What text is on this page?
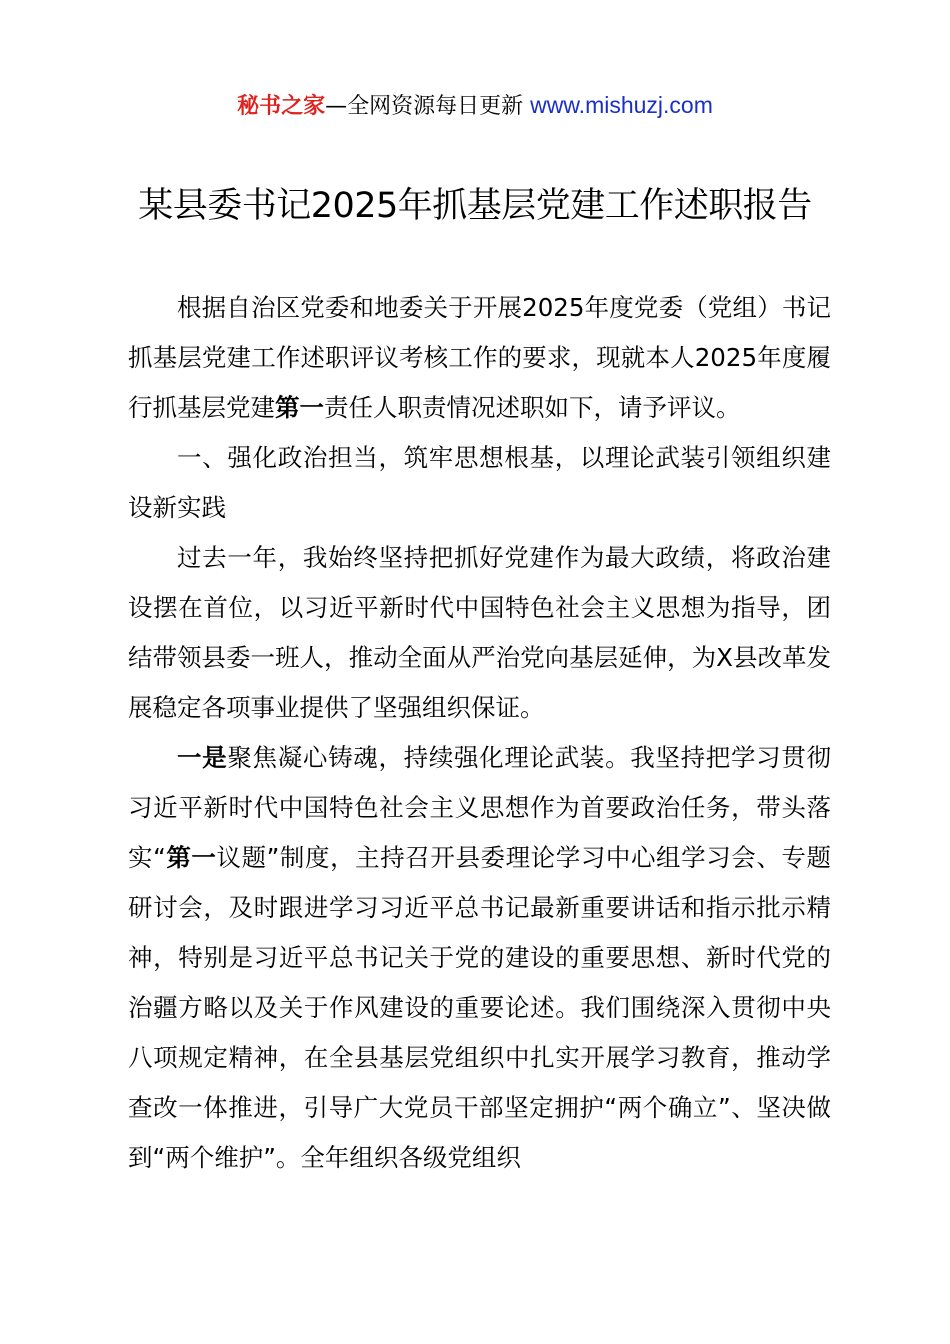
秘书之家—全网资源每日更新 www.mishuzj.com
某县委书记2025年抓基层党建工作述职报告

根据自治区党委和地委关于开展2025年度党委（党组）书记抓基层党建工作述职评议考核工作的要求，现就本人2025年度履行抓基层党建第一责任人职责情况述职如下，请予评议。

一、强化政治担当，筑牢思想根基，以理论武装引领组织建设新实践

过去一年，我始终坚持把抓好党建作为最大政绩，将政治建设摆在首位，以习近平新时代中国特色社会主义思想为指导，团结带领县委一班人，推动全面从严治党向基层延伸，为X县改革发展稳定各项事业提供了坚强组织保证。

一是聚焦凝心铸魂，持续强化理论武装。我坚持把学习贯彻习近平新时代中国特色社会主义思想作为首要政治任务，带头落实“第一议题”制度，主持召开县委理论学习中心组学习会、专题研讨会，及时跟进学习习近平总书记最新重要讲话和指示批示精神，特别是习近平总书记关于党的建设的重要思想、新时代党的治疆方略以及关于作风建设的重要论述。我们围绕深入贯彻中央八项规定精神，在全县基层党组织中扎实开展学习教育，推动学查改一体推进，引导广大党员干部坚定拥护“两个确立”、坚决做到“两个维护”。全年组织各级党组织
